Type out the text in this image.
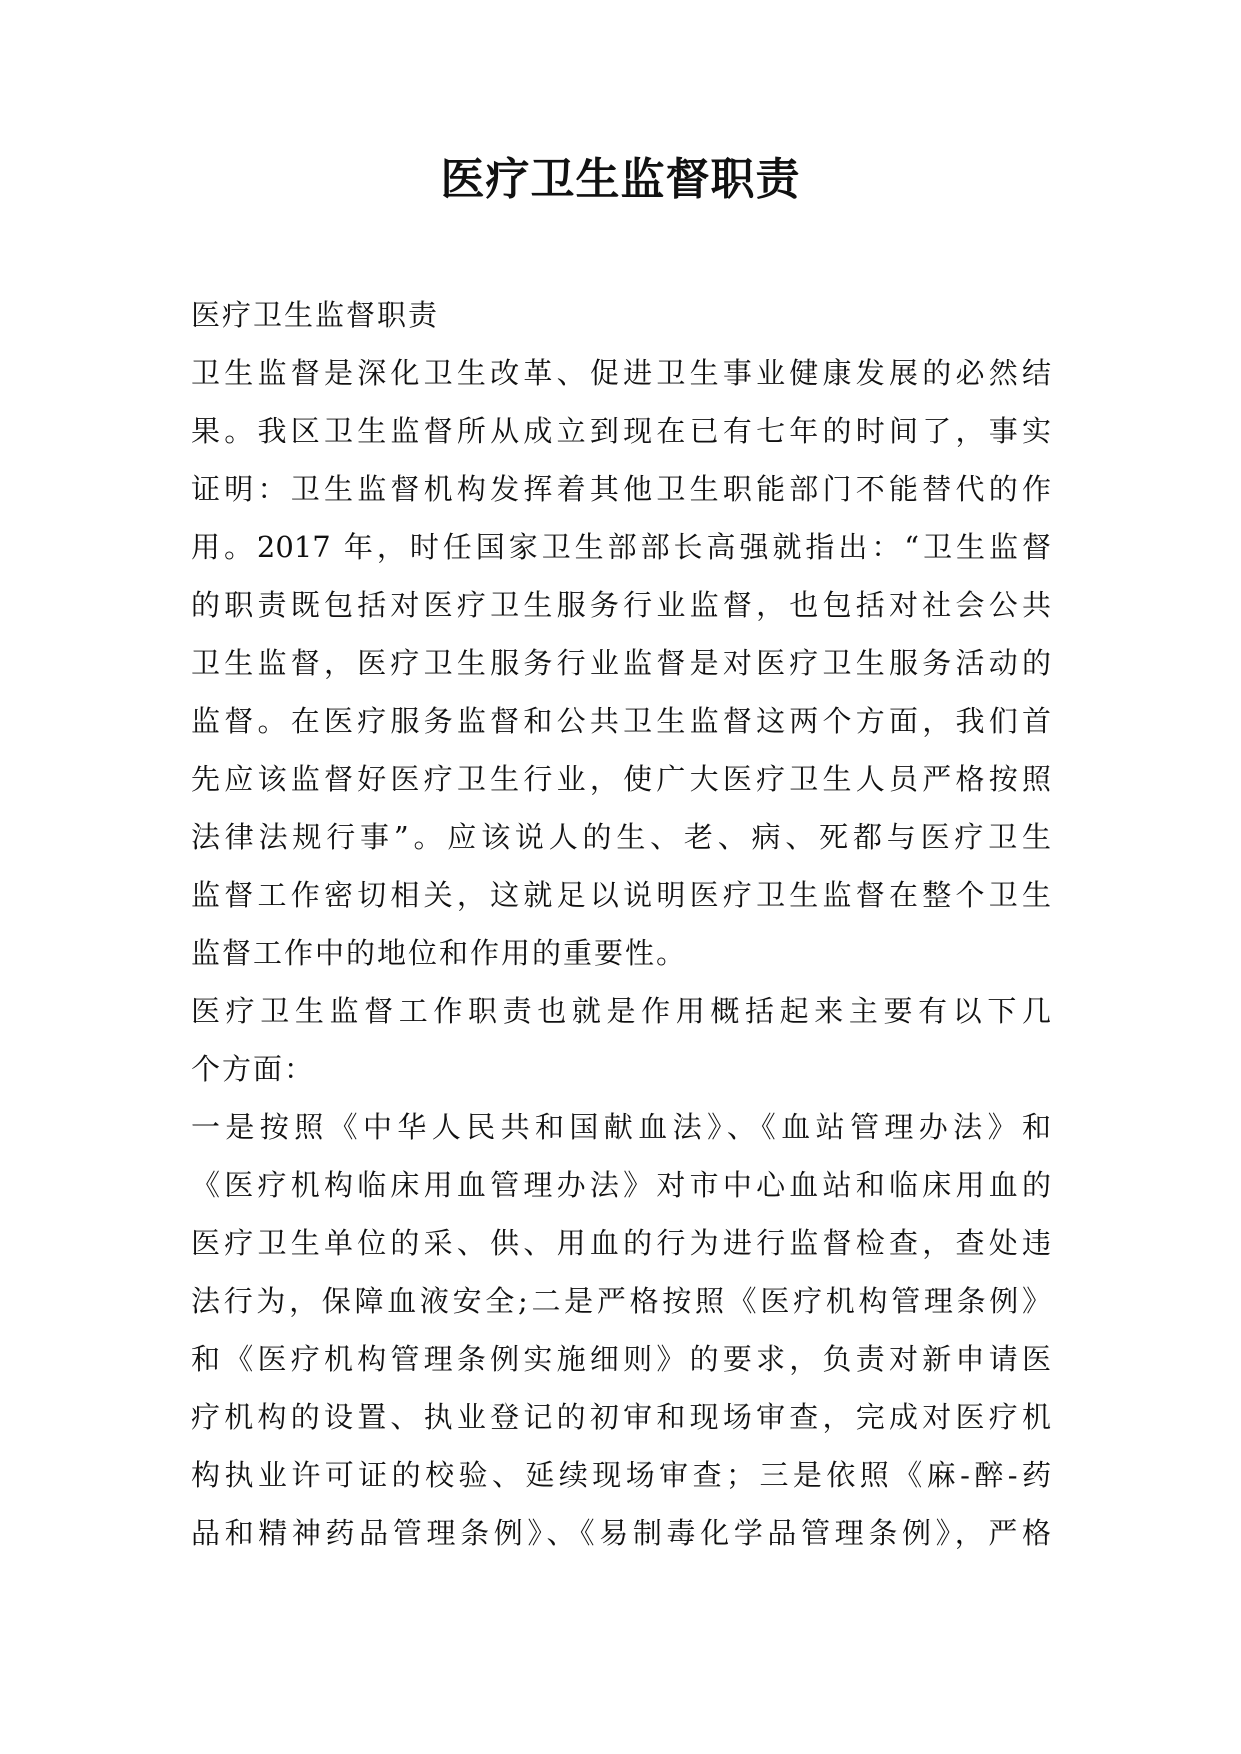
医疗卫生监督职责
医疗卫生监督职责
卫生监督是深化卫生改革、促进卫生事业健康发展的必然结
果。我区卫生监督所从成立到现在已有七年的时间了，事实
证明：卫生监督机构发挥着其他卫生职能部门不能替代的作
用。2017 年，时任国家卫生部部长高强就指出：“卫生监督
的职责既包括对医疗卫生服务行业监督，也包括对社会公共
卫生监督，医疗卫生服务行业监督是对医疗卫生服务活动的
监督。在医疗服务监督和公共卫生监督这两个方面，我们首
先应该监督好医疗卫生行业，使广大医疗卫生人员严格按照
法律法规行事”。应该说人的生、老、病、死都与医疗卫生
监督工作密切相关，这就足以说明医疗卫生监督在整个卫生
监督工作中的地位和作用的重要性。
医疗卫生监督工作职责也就是作用概括起来主要有以下几
个方面：
一是按照《中华人民共和国献血法》、《血站管理办法》和
《医疗机构临床用血管理办法》对市中心血站和临床用血的
医疗卫生单位的采、供、用血的行为进行监督检查，查处违
法行为，保障血液安全;二是严格按照《医疗机构管理条例》
和《医疗机构管理条例实施细则》的要求，负责对新申请医
疗机构的设置、执业登记的初审和现场审查，完成对医疗机
构执业许可证的校验、延续现场审查；三是依照《麻-醉-药
品和精神药品管理条例》、《易制毒化学品管理条例》，严格
